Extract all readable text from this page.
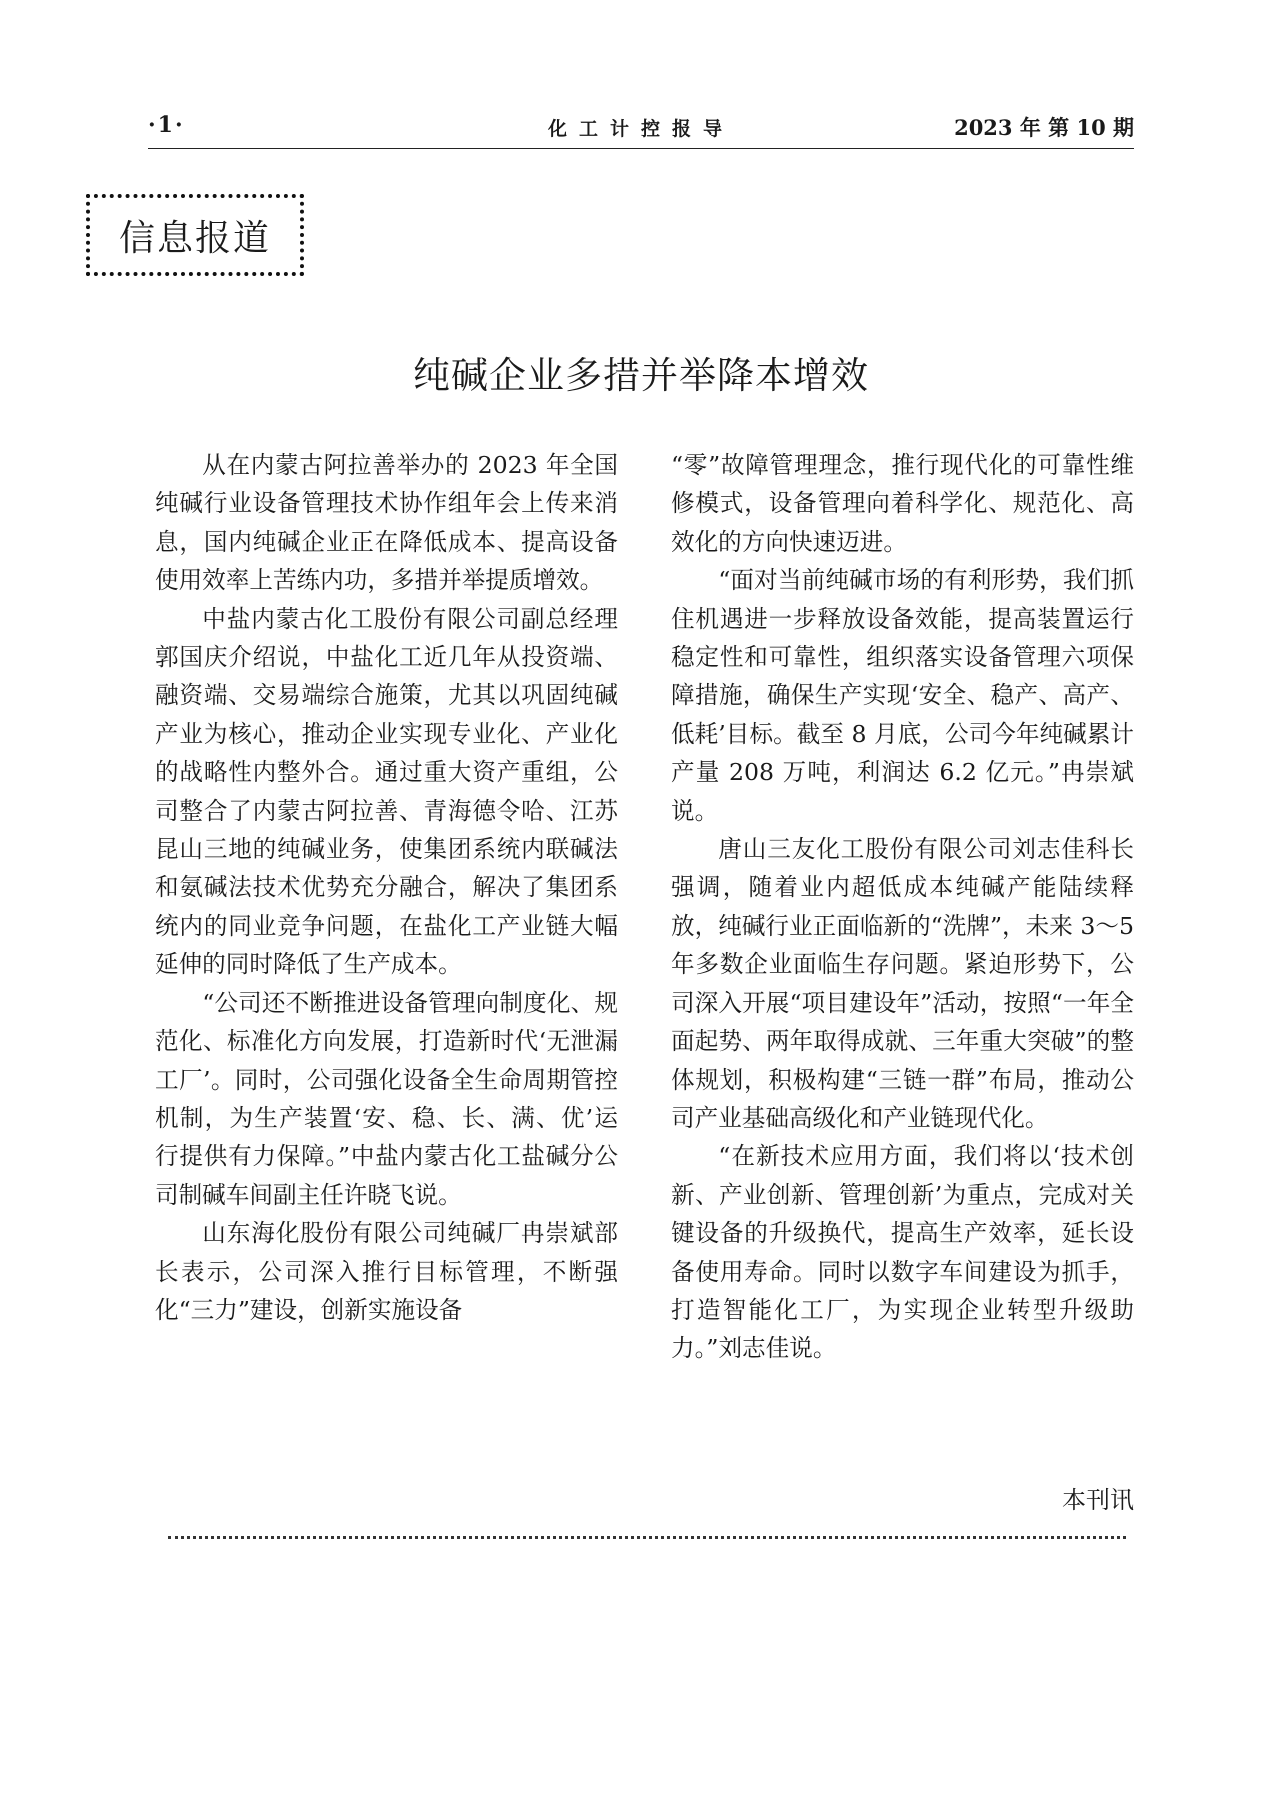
·1·	化工计控报导	2023 年 第 10 期
信息报道
纯碱企业多措并举降本增效

从在内蒙古阿拉善举办的 2023 年全国纯碱行业设备管理技术协作组年会上传来消息，国内纯碱企业正在降低成本、提高设备使用效率上苦练内功，多措并举提质增效。

中盐内蒙古化工股份有限公司副总经理郭国庆介绍说，中盐化工近几年从投资端、融资端、交易端综合施策，尤其以巩固纯碱产业为核心，推动企业实现专业化、产业化的战略性内整外合。通过重大资产重组，公司整合了内蒙古阿拉善、青海德令哈、江苏昆山三地的纯碱业务，使集团系统内联碱法和氨碱法技术优势充分融合，解决了集团系统内的同业竞争问题，在盐化工产业链大幅延伸的同时降低了生产成本。

“公司还不断推进设备管理向制度化、规范化、标准化方向发展，打造新时代‘无泄漏工厂’。同时，公司强化设备全生命周期管控机制，为生产装置‘安、稳、长、满、优’运行提供有力保障。”中盐内蒙古化工盐碱分公司制碱车间副主任许晓飞说。

山东海化股份有限公司纯碱厂冉崇斌部长表示，公司深入推行目标管理，不断强化“三力”建设，创新实施设备

“零”故障管理理念，推行现代化的可靠性维修模式，设备管理向着科学化、规范化、高效化的方向快速迈进。

“面对当前纯碱市场的有利形势，我们抓住机遇进一步释放设备效能，提高装置运行稳定性和可靠性，组织落实设备管理六项保障措施，确保生产实现‘安全、稳产、高产、低耗’目标。截至 8 月底，公司今年纯碱累计产量 208 万吨，利润达 6.2 亿元。”冉崇斌说。

唐山三友化工股份有限公司刘志佳科长强调，随着业内超低成本纯碱产能陆续释放，纯碱行业正面临新的“洗牌”，未来 3～5 年多数企业面临生存问题。紧迫形势下，公司深入开展“项目建设年”活动，按照“一年全面起势、两年取得成就、三年重大突破”的整体规划，积极构建“三链一群”布局，推动公司产业基础高级化和产业链现代化。

“在新技术应用方面，我们将以‘技术创新、产业创新、管理创新’为重点，完成对关键设备的升级换代，提高生产效率，延长设备使用寿命。同时以数字车间建设为抓手，打造智能化工厂，为实现企业转型升级助力。”刘志佳说。

本刊讯
